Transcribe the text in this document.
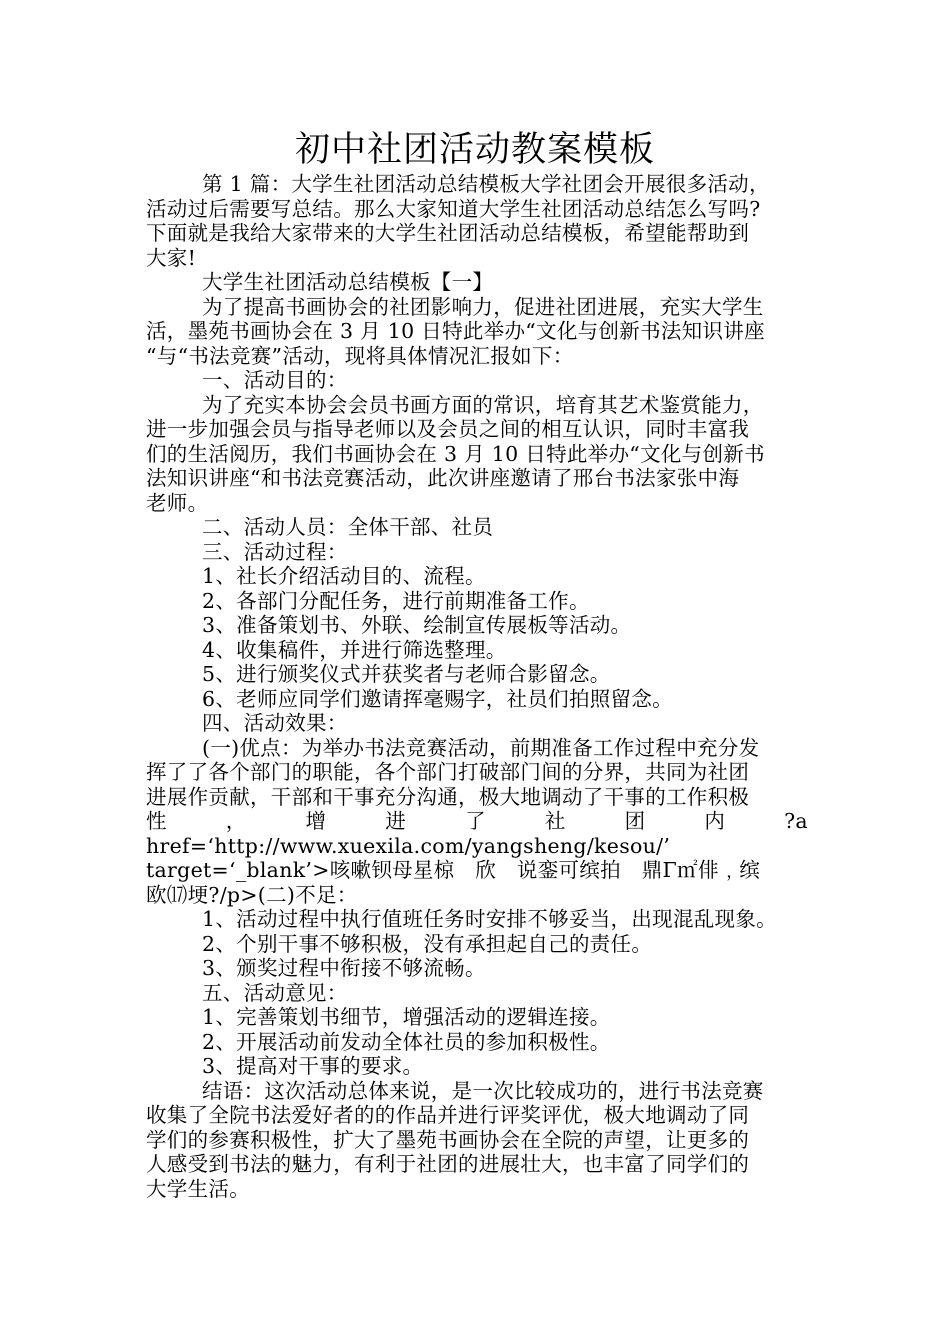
初中社团活动教案模板
第 1 篇：大学生社团活动总结模板大学社团会开展很多活动，
活动过后需要写总结。那么大家知道大学生社团活动总结怎么写吗?
下面就是我给大家带来的大学生社团活动总结模板，希望能帮助到
大家!
大学生社团活动总结模板【一】
为了提高书画协会的社团影响力，促进社团进展，充实大学生
活，墨苑书画协会在 3 月 10 日特此举办“文化与创新书法知识讲座
“与“书法竞赛”活动，现将具体情况汇报如下：
一、活动目的：
为了充实本协会会员书画方面的常识，培育其艺术鉴赏能力，
进一步加强会员与指导老师以及会员之间的相互认识，同时丰富我
们的生活阅历，我们书画协会在 3 月 10 日特此举办“文化与创新书
法知识讲座“和书法竞赛活动，此次讲座邀请了邢台书法家张中海
老师。
二、活动人员：全体干部、社员
三、活动过程：
1、社长介绍活动目的、流程。
2、各部门分配任务，进行前期准备工作。
3、准备策划书、外联、绘制宣传展板等活动。
4、收集稿件，并进行筛选整理。
5、进行颁奖仪式并获奖者与老师合影留念。
6、老师应同学们邀请挥毫赐字，社员们拍照留念。
四、活动效果：
(一)优点：为举办书法竞赛活动，前期准备工作过程中充分发
挥了了各个部门的职能，各个部门打破部门间的分界，共同为社团
进展作贡献，干部和干事充分沟通，极大地调动了干事的工作积极
性	，	增	进	了	社	团	内	?a
href=‘http://www.xuexila.com/yangsheng/kesou/’
target=‘_blank’>咳嗽钡母星椋　欣　说銮可缤拍　鼎Γ㎡俳﹐缤
欧⒄埂?/p>(二)不足：
1、活动过程中执行值班任务时安排不够妥当，出现混乱现象。
2、个别干事不够积极，没有承担起自己的责任。
3、颁奖过程中衔接不够流畅。
五、活动意见：
1、完善策划书细节，增强活动的逻辑连接。
2、开展活动前发动全体社员的参加积极性。
3、提高对干事的要求。
结语：这次活动总体来说，是一次比较成功的，进行书法竞赛
收集了全院书法爱好者的的作品并进行评奖评优，极大地调动了同
学们的参赛积极性，扩大了墨苑书画协会在全院的声望，让更多的
人感受到书法的魅力，有利于社团的进展壮大，也丰富了同学们的
大学生活。
